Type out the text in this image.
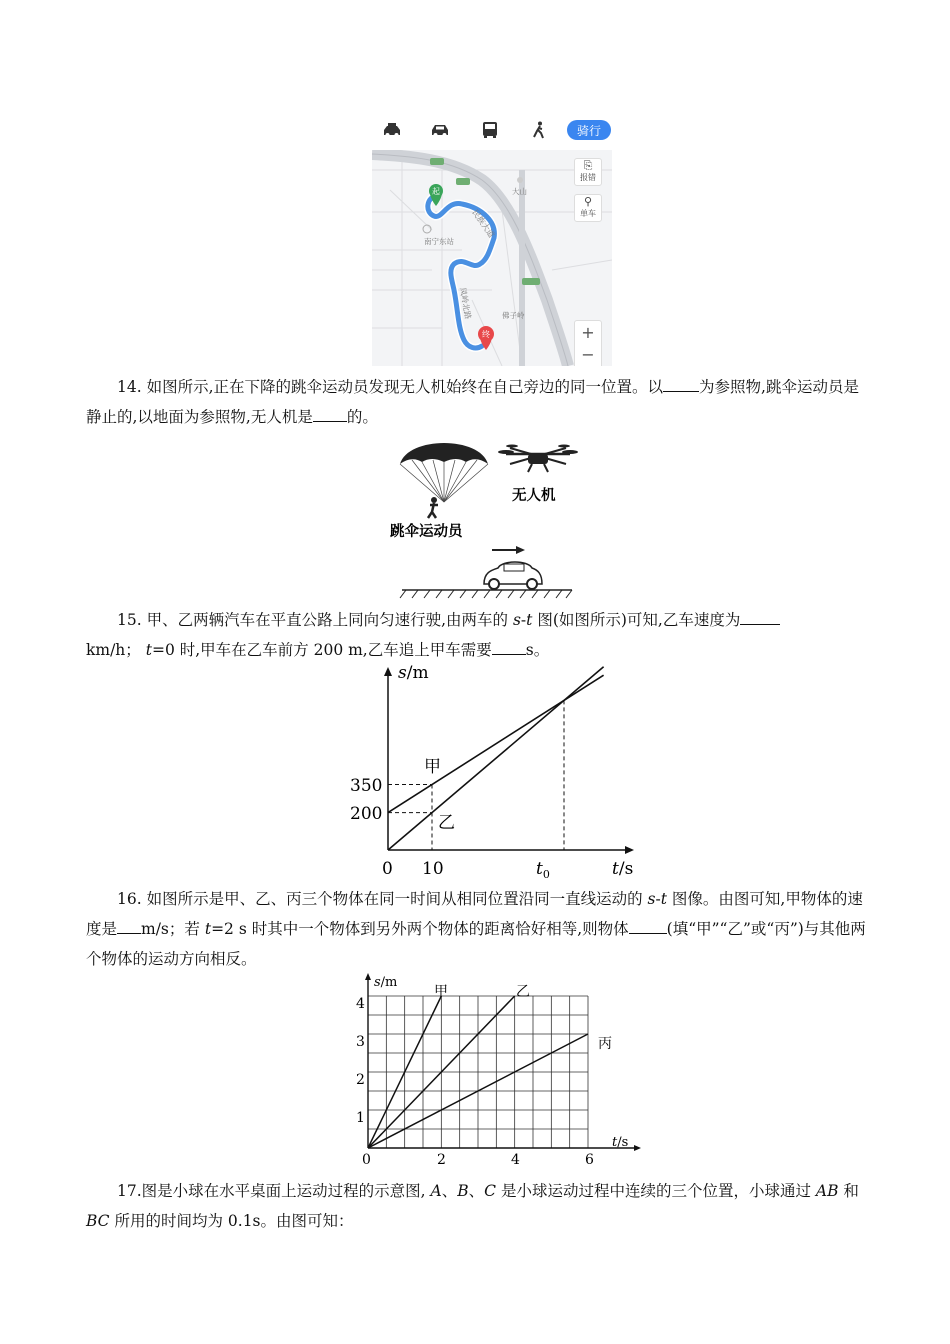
骑行
民族大道
凤岭北路
南宁东站
大山
佛子岭
起
终
⎘
报错
⚲
单车
+
−
14. 如图所示,正在下降的跳伞运动员发现无人机始终在自己旁边的同一位置。以 为参照物,跳伞运动员是静止的,以地面为参照物,无人机是 的。
跳伞运动员
无人机
15. 甲、乙两辆汽车在平直公路上同向匀速行驶,由两车的 s-t 图(如图所示)可知,乙车速度为
km/h； t=0 时,甲车在乙车前方 200 m,乙车追上甲车需要 s。
s/m
t/s
0
350
200
10	$t_0$
甲
乙
16. 如图所示是甲、乙、丙三个物体在同一时间从相同位置沿同一直线运动的 s-t 图像。由图可知,甲物体的速度是 m/s；若 t=2 s 时其中一个物体到另外两个物体的距离恰好相等,则物体 (填“甲”“乙”或“丙”)与其他两个物体的运动方向相反。
s/m
t/s
0	2	4	6
1
2
3
4
甲	乙
丙
17.图是小球在水平桌面上运动过程的示意图, A、B、C 是小球运动过程中连续的三个位置，小球通过 AB 和 BC 所用的时间均为 0.1s。由图可知：
